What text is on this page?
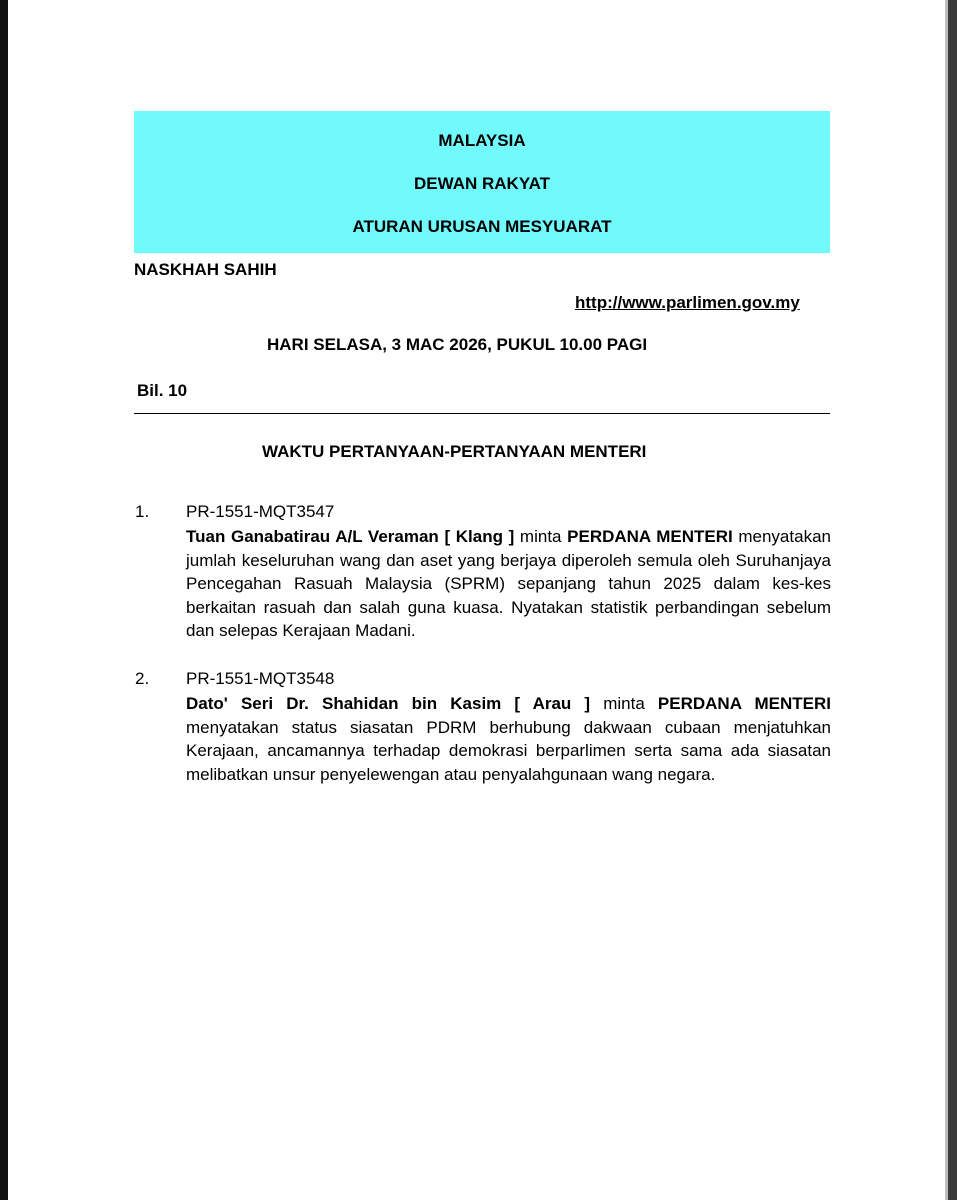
MALAYSIA
DEWAN RAKYAT
ATURAN URUSAN MESYUARAT
NASKHAH SAHIH
http://www.parlimen.gov.my
HARI SELASA, 3 MAC 2026, PUKUL 10.00 PAGI
Bil. 10
WAKTU PERTANYAAN-PERTANYAAN MENTERI
1. PR-1551-MQT3547
Tuan Ganabatirau A/L Veraman [ Klang ] minta PERDANA MENTERI menyatakan jumlah keseluruhan wang dan aset yang berjaya diperoleh semula oleh Suruhanjaya Pencegahan Rasuah Malaysia (SPRM) sepanjang tahun 2025 dalam kes-kes berkaitan rasuah dan salah guna kuasa. Nyatakan statistik perbandingan sebelum dan selepas Kerajaan Madani.
2. PR-1551-MQT3548
Dato' Seri Dr. Shahidan bin Kasim [ Arau ] minta PERDANA MENTERI menyatakan status siasatan PDRM berhubung dakwaan cubaan menjatuhkan Kerajaan, ancamannya terhadap demokrasi berparlimen serta sama ada siasatan melibatkan unsur penyelewengan atau penyalahgunaan wang negara.
